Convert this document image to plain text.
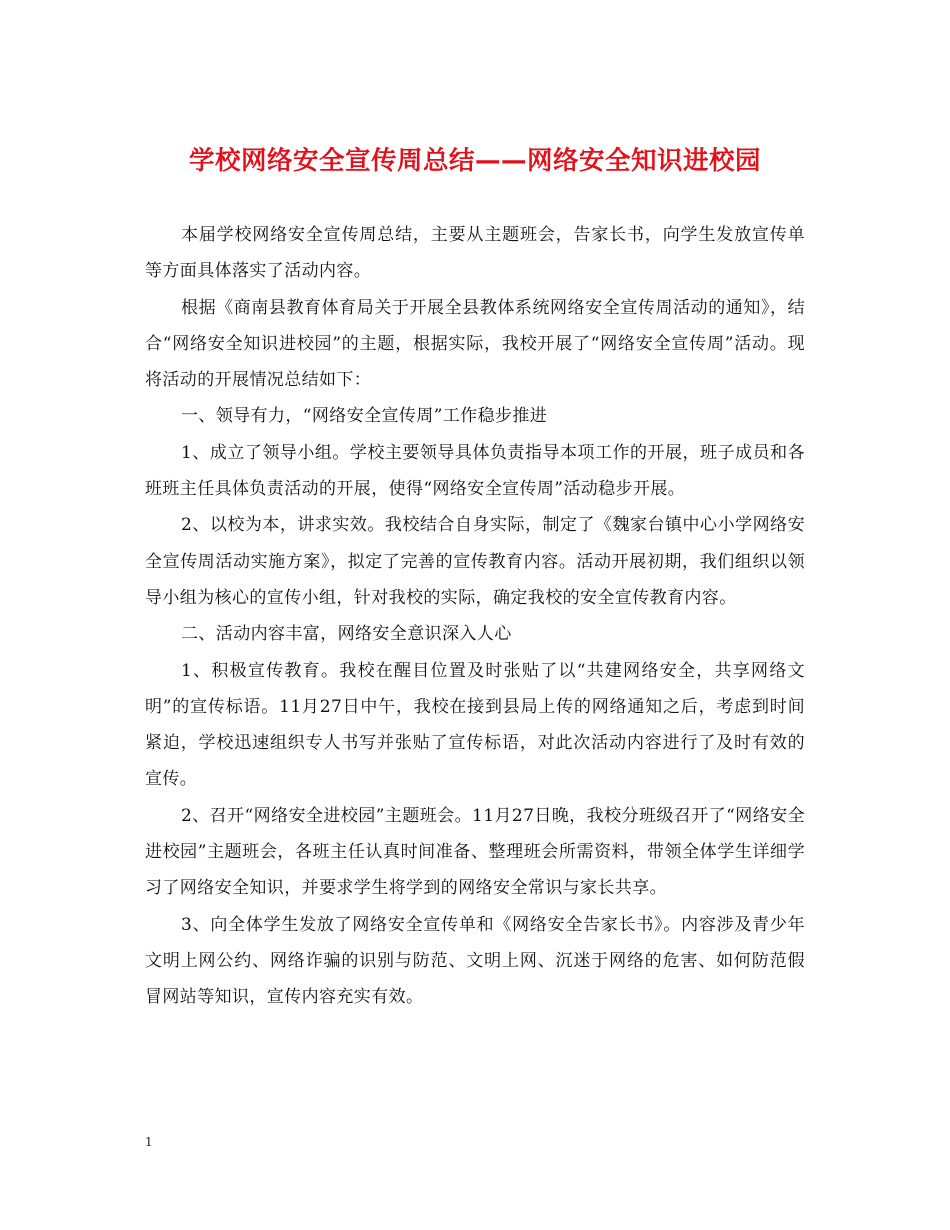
学校网络安全宣传周总结——网络安全知识进校园

本届学校网络安全宣传周总结，主要从主题班会，告家长书，向学生发放宣传单等方面具体落实了活动内容。

根据《商南县教育体育局关于开展全县教体系统网络安全宣传周活动的通知》，结合“网络安全知识进校园”的主题，根据实际，我校开展了“网络安全宣传周”活动。现将活动的开展情况总结如下：

一、领导有力，“网络安全宣传周”工作稳步推进

1、成立了领导小组。学校主要领导具体负责指导本项工作的开展，班子成员和各班班主任具体负责活动的开展，使得“网络安全宣传周”活动稳步开展。

2、以校为本，讲求实效。我校结合自身实际，制定了《魏家台镇中心小学网络安全宣传周活动实施方案》，拟定了完善的宣传教育内容。活动开展初期，我们组织以领导小组为核心的宣传小组，针对我校的实际，确定我校的安全宣传教育内容。

二、活动内容丰富，网络安全意识深入人心

1、积极宣传教育。我校在醒目位置及时张贴了以“共建网络安全，共享网络文明”的宣传标语。11月27日中午，我校在接到县局上传的网络通知之后，考虑到时间紧迫，学校迅速组织专人书写并张贴了宣传标语，对此次活动内容进行了及时有效的宣传。

2、召开“网络安全进校园”主题班会。11月27日晚，我校分班级召开了“网络安全进校园”主题班会，各班主任认真时间准备、整理班会所需资料，带领全体学生详细学习了网络安全知识，并要求学生将学到的网络安全常识与家长共享。

3、向全体学生发放了网络安全宣传单和《网络安全告家长书》。内容涉及青少年文明上网公约、网络诈骗的识别与防范、文明上网、沉迷于网络的危害、如何防范假冒网站等知识，宣传内容充实有效。

1
